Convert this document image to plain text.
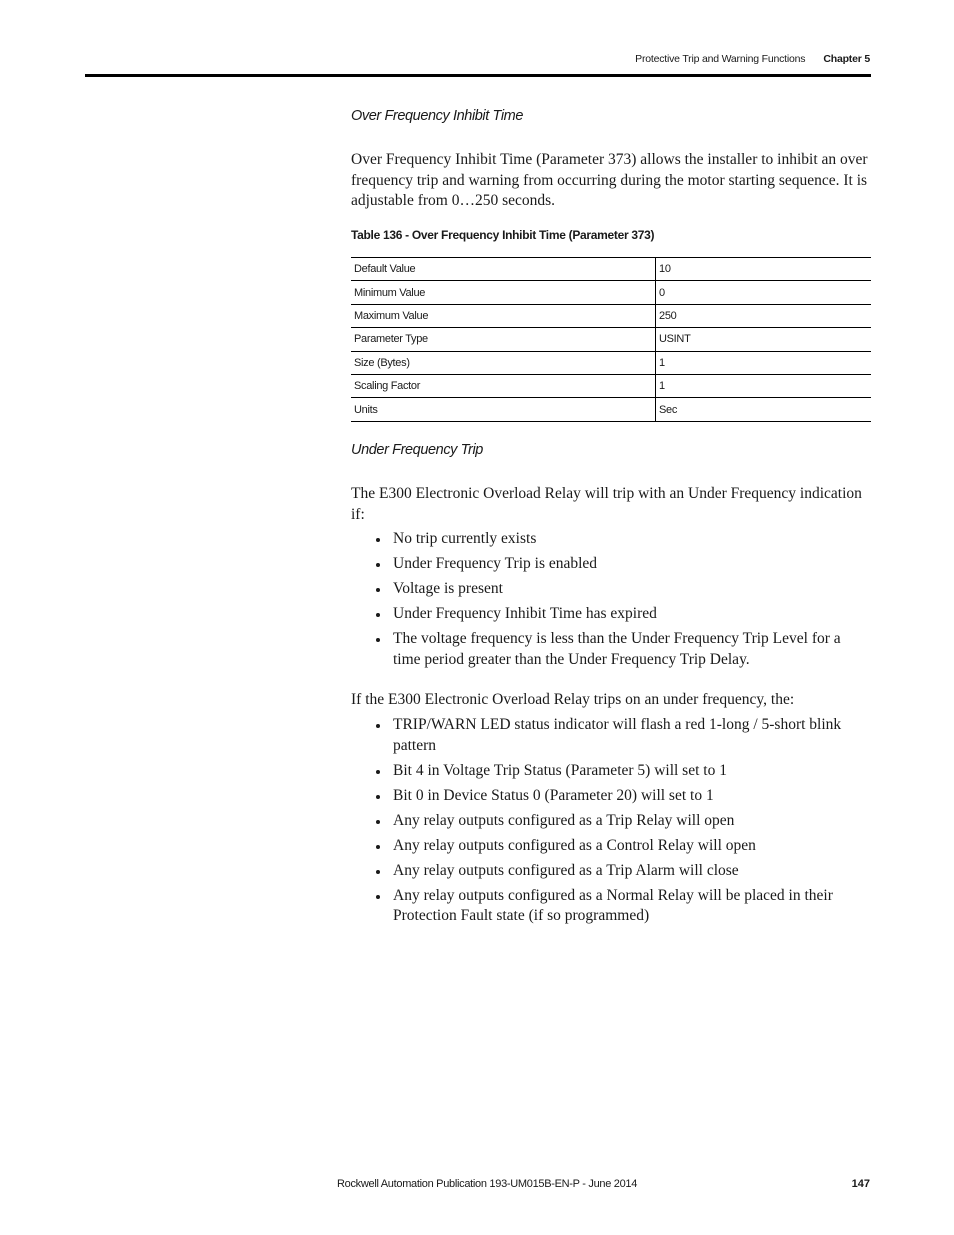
Protective Trip and Warning Functions Chapter 5
Over Frequency Inhibit Time

Over Frequency Inhibit Time (Parameter 373) allows the installer to inhibit an over frequency trip and warning from occurring during the motor starting sequence. It is adjustable from 0…250 seconds.

Table 136 - Over Frequency Inhibit Time (Parameter 373)
Default Value	10
Minimum Value	0
Maximum Value	250
Parameter Type	USINT
Size (Bytes)	1
Scaling Factor	1
Units	Sec
Under Frequency Trip

The E300 Electronic Overload Relay will trip with an Under Frequency indication if:

No trip currently exists
Under Frequency Trip is enabled
Voltage is present
Under Frequency Inhibit Time has expired
The voltage frequency is less than the Under Frequency Trip Level for a time period greater than the Under Frequency Trip Delay.

If the E300 Electronic Overload Relay trips on an under frequency, the:

TRIP/WARN LED status indicator will flash a red 1-long / 5-short blink pattern
Bit 4 in Voltage Trip Status (Parameter 5) will set to 1
Bit 0 in Device Status 0 (Parameter 20) will set to 1
Any relay outputs configured as a Trip Relay will open
Any relay outputs configured as a Control Relay will open
Any relay outputs configured as a Trip Alarm will close
Any relay outputs configured as a Normal Relay will be placed in their Protection Fault state (if so programmed)
Rockwell Automation Publication 193-UM015B-EN-P - June 2014	147
